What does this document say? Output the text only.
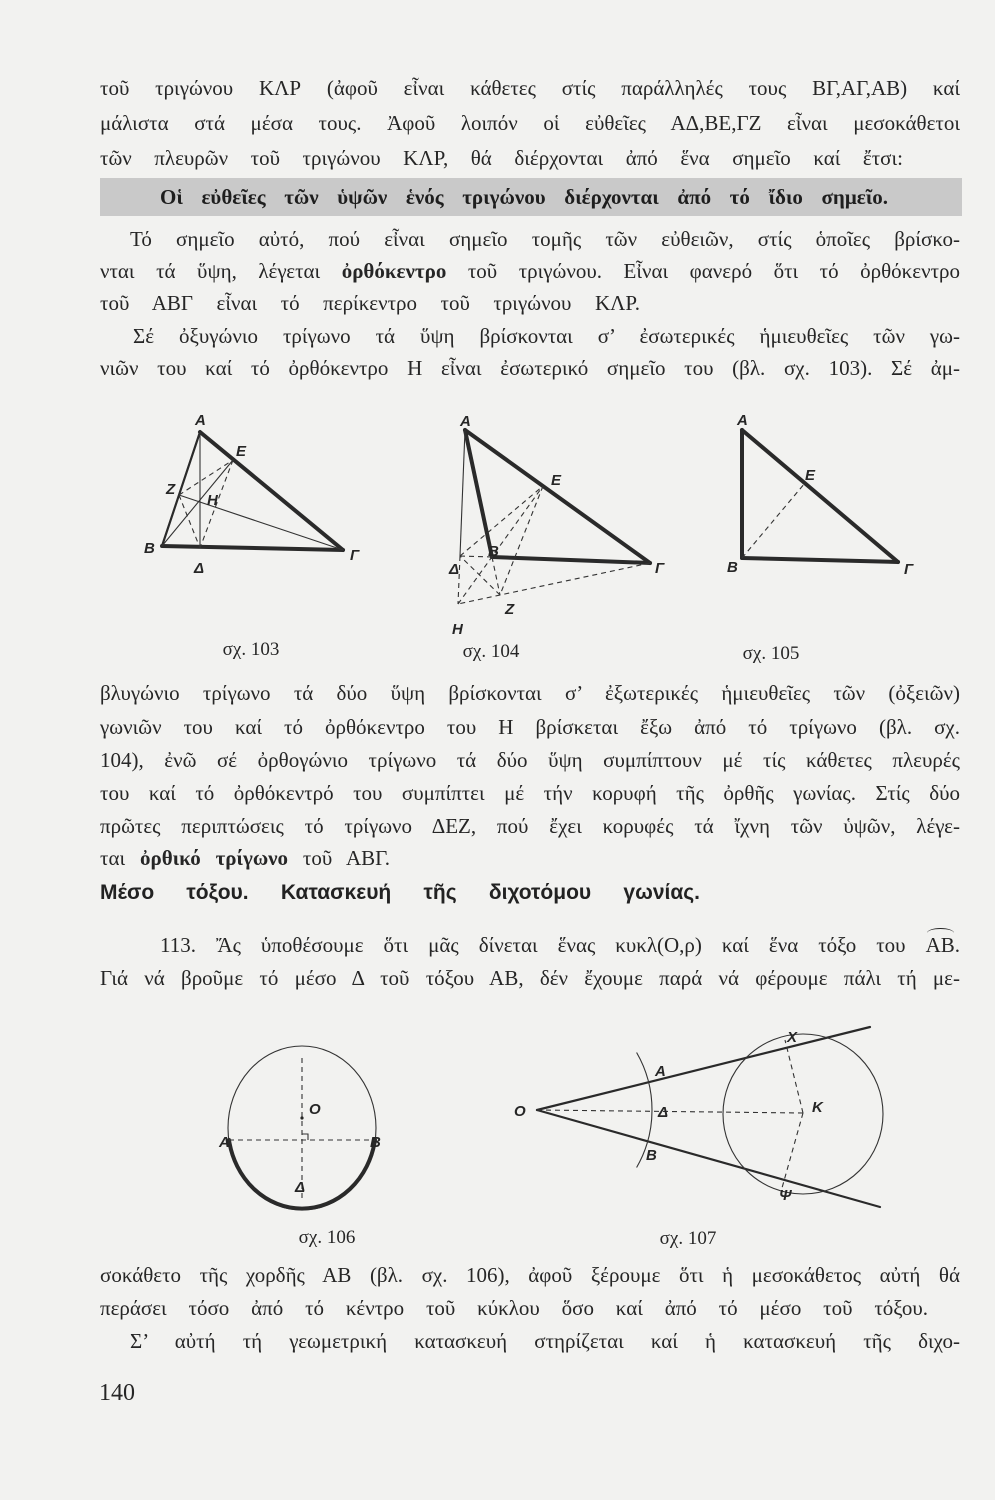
τοῦ τριγώνου ΚΛΡ (ἀφοῦ εἶναι κάθετες στίς παράλληλές τους ΒΓ,ΑΓ,ΑΒ) καί
μάλιστα στά μέσα τους. Ἀφοῦ λοιπόν οἱ εὐθεῖες ΑΔ,ΒΕ,ΓΖ εἶναι μεσοκάθετοι
τῶν πλευρῶν τοῦ τριγώνου ΚΛΡ, θά διέρχονται ἀπό ἕνα σημεῖο καί ἔτσι:
Οἱ εὐθεῖες τῶν ὑψῶν ἑνός τριγώνου διέρχονται ἀπό τό ἴδιο σημεῖο.
Τό σημεῖο αὐτό, πού εἶναι σημεῖο τομῆς τῶν εὐθειῶν, στίς ὁποῖες βρίσκο-
νται τά ὕψη, λέγεται ὀρθόκεντρο τοῦ τριγώνου. Εἶναι φανερό ὅτι τό ὀρθόκεντρο
τοῦ ΑΒΓ εἶναι τό περίκεντρο τοῦ τριγώνου ΚΛΡ.
Σέ ὀξυγώνιο τρίγωνο τά ὕψη βρίσκονται σ’ ἐσωτερικές ἡμιευθεῖες τῶν γω-
νιῶν του καί τό ὀρθόκεντρο Η εἶναι ἐσωτερικό σημεῖο του (βλ. σχ. 103). Σέ ἀμ-
Α
Ε
Ζ
Η
Β
Δ
Γ
σχ. 103
Α
Ε
Δ
Β
Γ
Ζ
Η
σχ. 104
Α
Ε
Β	Γ
σχ. 105
βλυγώνιο τρίγωνο τά δύο ὕψη βρίσκονται σ’ ἐξωτερικές ἡμιευθεῖες τῶν (ὀξειῶν)
γωνιῶν του καί τό ὀρθόκεντρο του Η βρίσκεται ἔξω ἀπό τό τρίγωνο (βλ. σχ.
104), ἐνῶ σέ ὀρθογώνιο τρίγωνο τά δύο ὕψη συμπίπτουν μέ τίς κάθετες πλευρές
του καί τό ὀρθόκεντρό του συμπίπτει μέ τήν κορυφή τῆς ὀρθῆς γωνίας. Στίς δύο
πρῶτες περιπτώσεις τό τρίγωνο ΔΕΖ, πού ἔχει κορυφές τά ἴχνη τῶν ὑψῶν, λέγε-
ται ὀρθικό τρίγωνο τοῦ ΑΒΓ.
Μέσο τόξου. Κατασκευή τῆς διχοτόμου γωνίας.
113. Ἄς ὑποθέσουμε ὅτι μᾶς δίνεται ἕνας κυκλ(Ο,ρ) καί ἕνα τόξο του ΑΒ.
Γιά νά βροῦμε τό μέσο Δ τοῦ τόξου ΑΒ, δέν ἔχουμε παρά νά φέρουμε πάλι τή με-
Ο
Α	Β
Δ
σχ. 106
Ο
Α
Δ
Β
Χ
Κ
Ψ
σχ. 107
σοκάθετο τῆς χορδῆς ΑΒ (βλ. σχ. 106), ἀφοῦ ξέρουμε ὅτι ἡ μεσοκάθετος αὐτή θά
περάσει τόσο ἀπό τό κέντρο τοῦ κύκλου ὅσο καί ἀπό τό μέσο τοῦ τόξου.
Σ’ αὐτή τή γεωμετρική κατασκευή στηρίζεται καί ἡ κατασκευή τῆς διχο-
140
